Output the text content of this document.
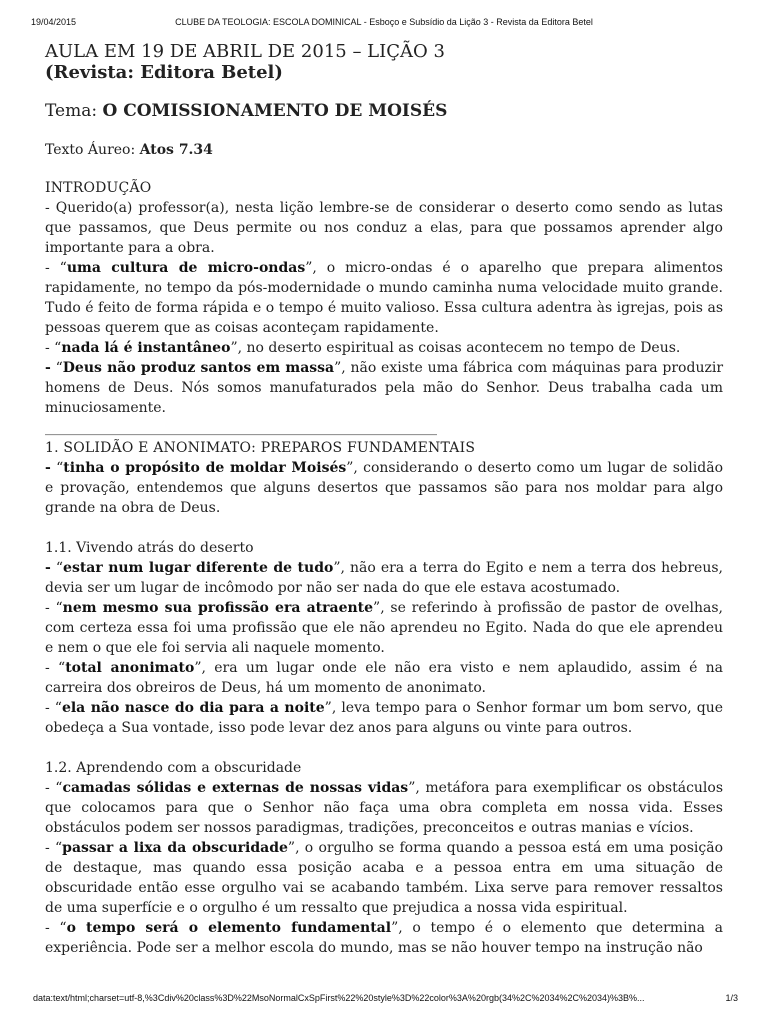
19/04/2015	CLUBE DA TEOLOGIA: ESCOLA DOMINICAL - Esboço e Subsídio da Lição 3 - Revista da Editora Betel
AULA EM 19 DE ABRIL DE 2015 – LIÇÃO 3
(Revista: Editora Betel)
Tema: O COMISSIONAMENTO DE MOISÉS
Texto Áureo: Atos 7.34
INTRODUÇÃO

- Querido(a) professor(a), nesta lição lembre-se de considerar o deserto como sendo as lutas que passamos, que Deus permite ou nos conduz a elas, para que possamos aprender algo importante para a obra.

- “uma cultura de micro-ondas”, o micro-ondas é o aparelho que prepara alimentos rapidamente, no tempo da pós-modernidade o mundo caminha numa velocidade muito grande. Tudo é feito de forma rápida e o tempo é muito valioso. Essa cultura adentra às igrejas, pois as pessoas querem que as coisas aconteçam rapidamente.

- “nada lá é instantâneo”, no deserto espiritual as coisas acontecem no tempo de Deus.

- “Deus não produz santos em massa”, não existe uma fábrica com máquinas para produzir homens de Deus. Nós somos manufaturados pela mão do Senhor. Deus trabalha cada um minuciosamente.

________________________________________________________
1. SOLIDÃO E ANONIMATO: PREPAROS FUNDAMENTAIS

- “tinha o propósito de moldar Moisés”, considerando o deserto como um lugar de solidão e provação, entendemos que alguns desertos que passamos são para nos moldar para algo grande na obra de Deus.

1.1. Vivendo atrás do deserto

- “estar num lugar diferente de tudo”, não era a terra do Egito e nem a terra dos hebreus, devia ser um lugar de incômodo por não ser nada do que ele estava acostumado.

- “nem mesmo sua profissão era atraente”, se referindo à profissão de pastor de ovelhas, com certeza essa foi uma profissão que ele não aprendeu no Egito. Nada do que ele aprendeu e nem o que ele foi servia ali naquele momento.

- “total anonimato”, era um lugar onde ele não era visto e nem aplaudido, assim é na carreira dos obreiros de Deus, há um momento de anonimato.

- “ela não nasce do dia para a noite”, leva tempo para o Senhor formar um bom servo, que obedeça a Sua vontade, isso pode levar dez anos para alguns ou vinte para outros.

1.2. Aprendendo com a obscuridade

- “camadas sólidas e externas de nossas vidas”, metáfora para exemplificar os obstáculos que colocamos para que o Senhor não faça uma obra completa em nossa vida. Esses obstáculos podem ser nossos paradigmas, tradições, preconceitos e outras manias e vícios.

- “passar a lixa da obscuridade”, o orgulho se forma quando a pessoa está em uma posição de destaque, mas quando essa posição acaba e a pessoa entra em uma situação de obscuridade então esse orgulho vai se acabando também. Lixa serve para remover ressaltos de uma superfície e o orgulho é um ressalto que prejudica a nossa vida espiritual.

- “o tempo será o elemento fundamental”, o tempo é o elemento que determina a experiência. Pode ser a melhor escola do mundo, mas se não houver tempo na instrução não

data:text/html;charset=utf-8,%3Cdiv%20class%3D%22MsoNormalCxSpFirst%22%20style%3D%22color%3A%20rgb(34%2C%2034%2C%2034)%3B%...	1/3
